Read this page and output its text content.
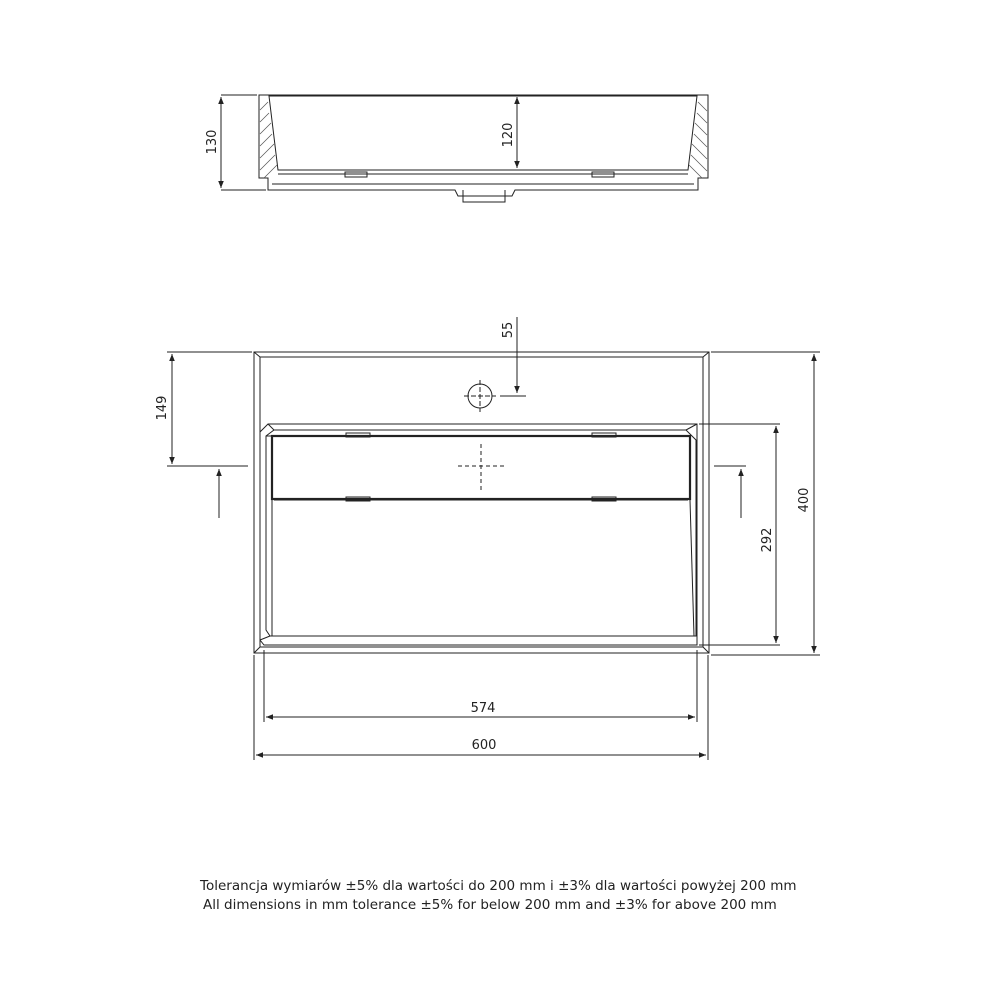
130	120
55
149
292
400
574
600
Tolerancja wymiarów ±5% dla wartości do 200 mm i ±3% dla wartości powyżej 200 mm
All dimensions in mm tolerance ±5% for below 200 mm and ±3% for above 200 mm
